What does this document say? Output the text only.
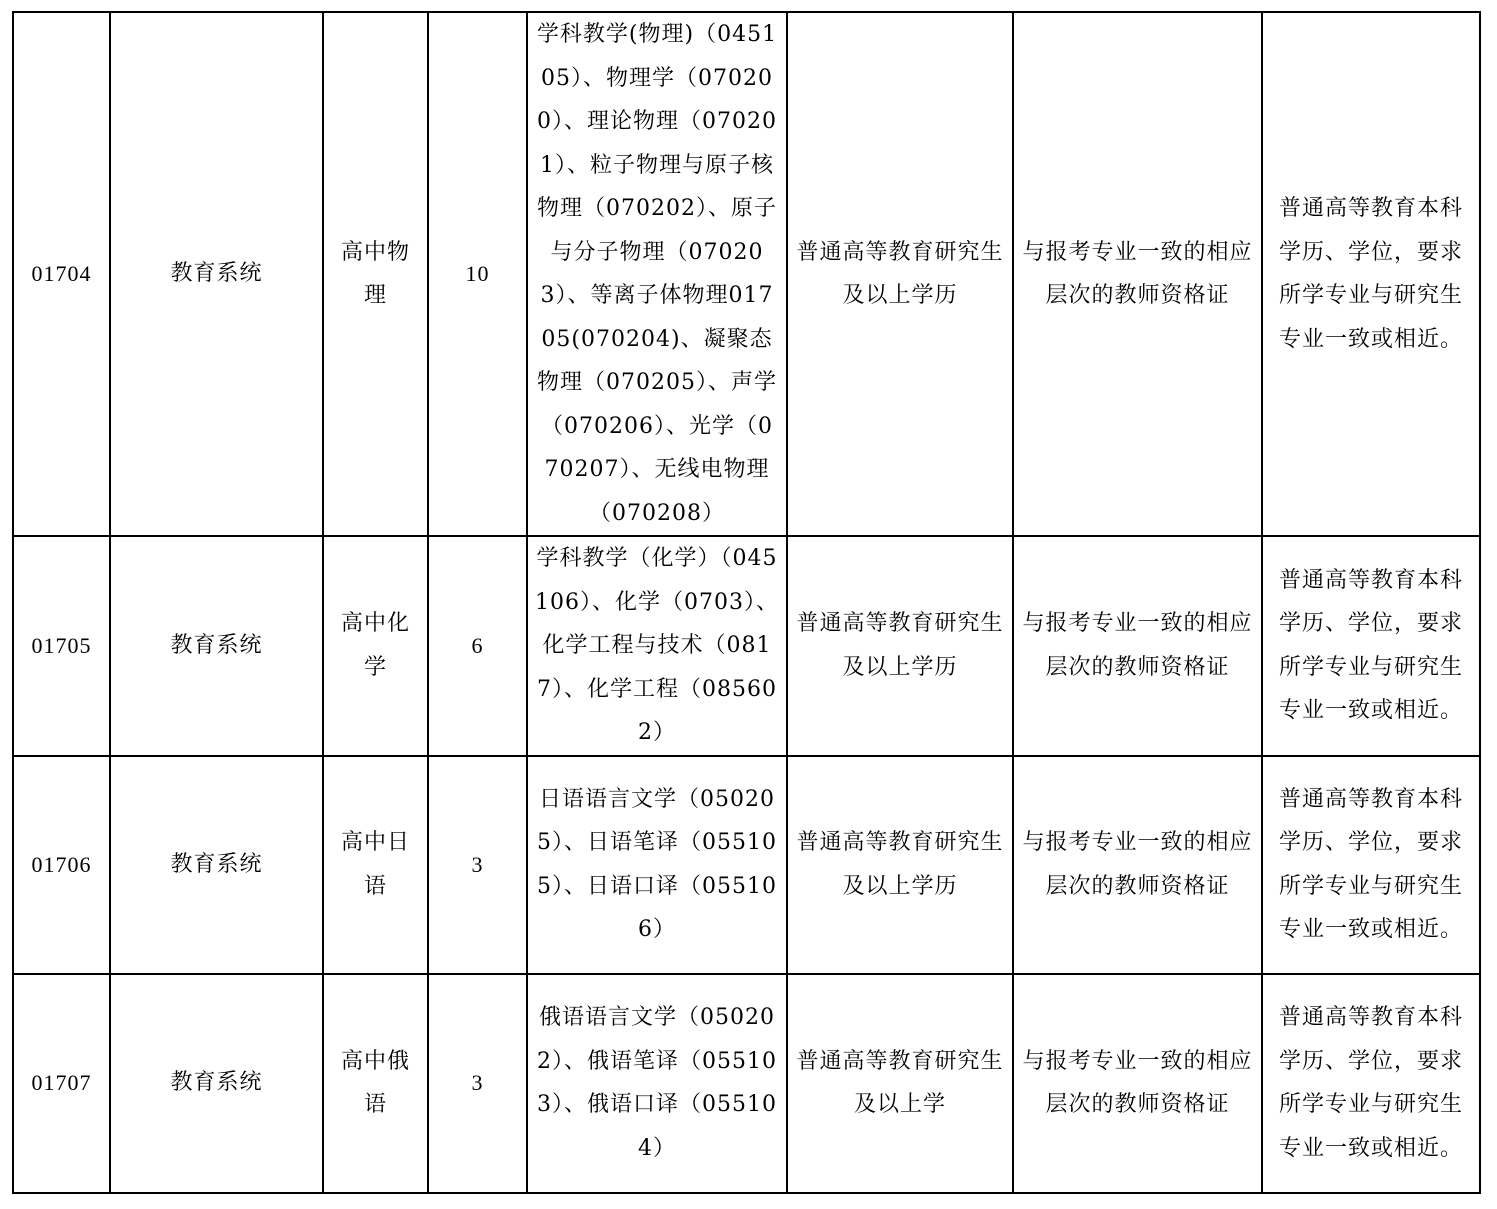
01704	教育系统	高中物理	10	学科教学(物理)（045105）、物理学（070200）、理论物理（070201）、粒子物理与原子核物理（070202）、原子与分子物理（070203）、等离子体物理01705(070204)、凝聚态物理（070205）、声学（070206）、光学（070207）、无线电物理（070208）	普通高等教育研究生及以上学历	与报考专业一致的相应层次的教师资格证	普通高等教育本科学历、学位，要求所学专业与研究生专业一致或相近。
01705	教育系统	高中化学	6	学科教学（化学）（045106）、化学（0703）、化学工程与技术（0817）、化学工程（085602）	普通高等教育研究生及以上学历	与报考专业一致的相应层次的教师资格证	普通高等教育本科学历、学位，要求所学专业与研究生专业一致或相近。
01706	教育系统	高中日语	3	日语语言文学（050205）、日语笔译（055105）、日语口译（055106）	普通高等教育研究生及以上学历	与报考专业一致的相应层次的教师资格证	普通高等教育本科学历、学位，要求所学专业与研究生专业一致或相近。
01707	教育系统	高中俄语	3	俄语语言文学（050202）、俄语笔译（055103）、俄语口译（055104）	普通高等教育研究生及以上学	与报考专业一致的相应层次的教师资格证	普通高等教育本科学历、学位，要求所学专业与研究生专业一致或相近。
